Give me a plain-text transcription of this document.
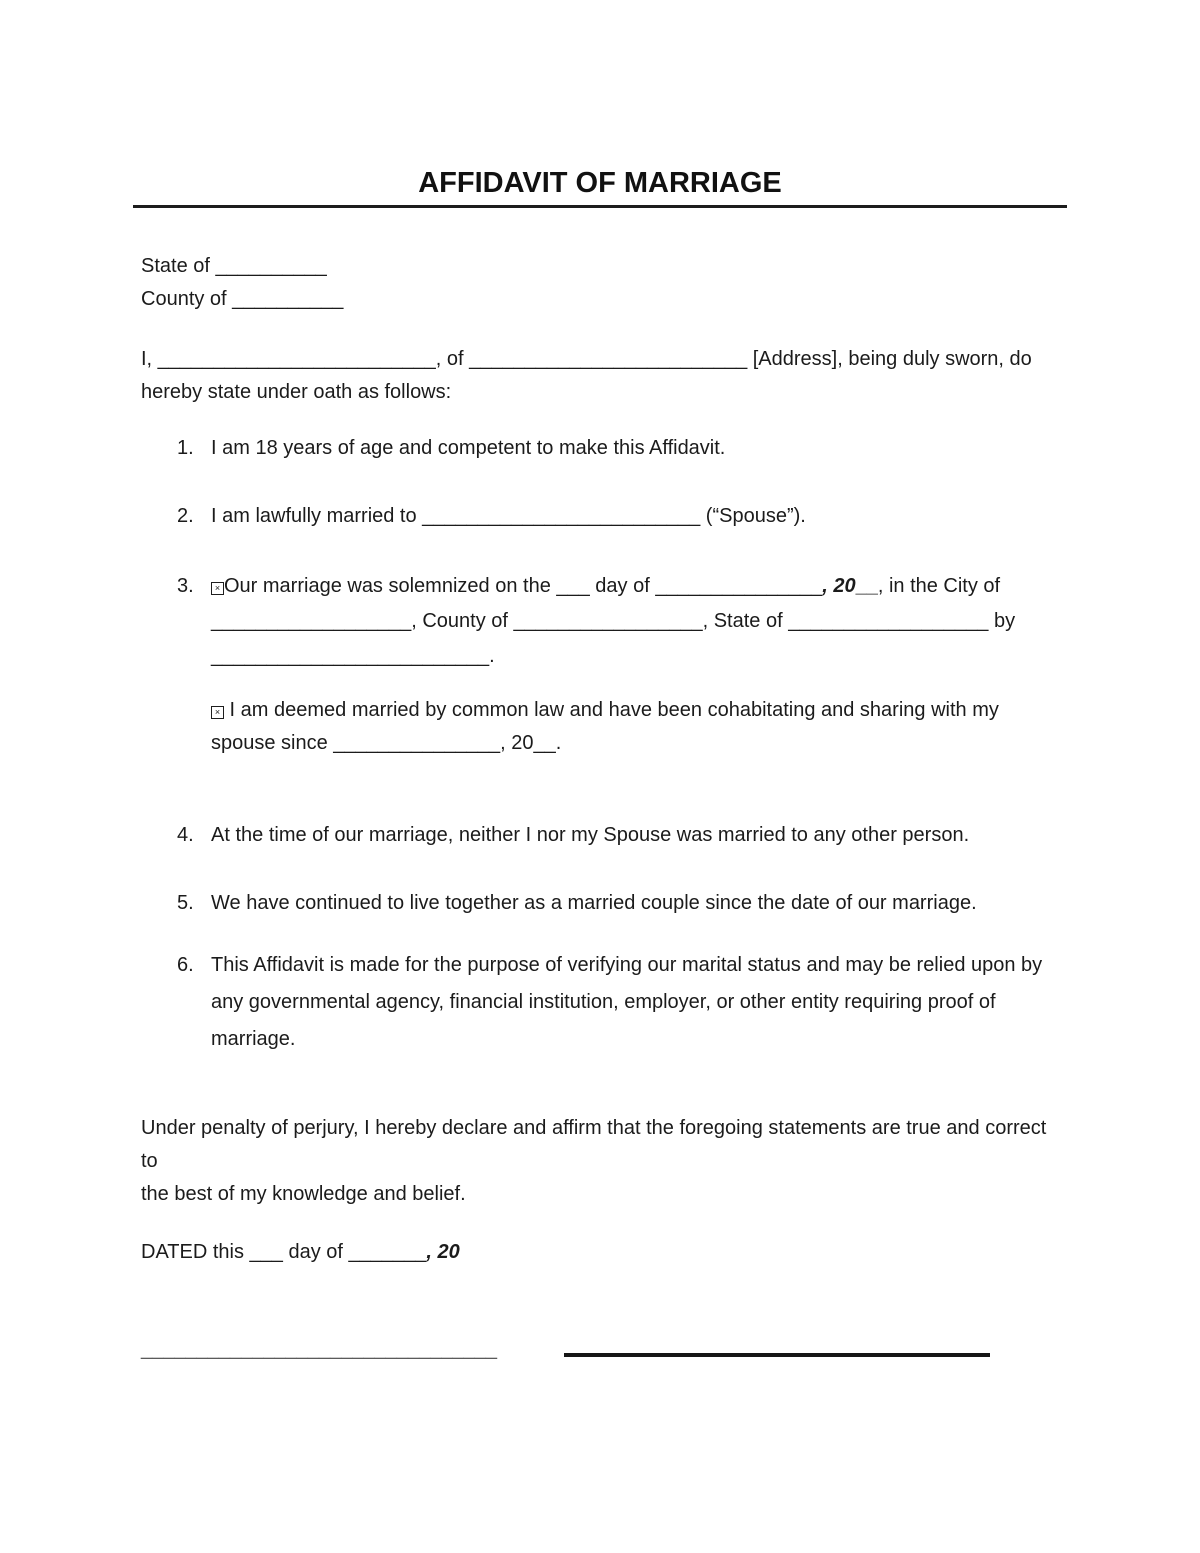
AFFIDAVIT OF MARRIAGE
State of __________
County of __________
I, _________________________, of _________________________ [Address], being duly sworn, do
hereby state under oath as follows:
1. I am 18 years of age and competent to make this Affidavit.
2. I am lawfully married to _________________________ (“Spouse”).
3. × Our marriage was solemnized on the ___ day of _______________, 20__, in the City of
__________________, County of _________________, State of __________________ by
_________________________.
× I am deemed married by common law and have been cohabitating and sharing with my
spouse since _______________, 20__.
4. At the time of our marriage, neither I nor my Spouse was married to any other person.
5. We have continued to live together as a married couple since the date of our marriage.
6. This Affidavit is made for the purpose of verifying our marital status and may be relied upon by
any governmental agency, financial institution, employer, or other entity requiring proof of
marriage.
Under penalty of perjury, I hereby declare and affirm that the foregoing statements are true and correct to
the best of my knowledge and belief.
DATED this ___ day of _______, 20
________________________________
